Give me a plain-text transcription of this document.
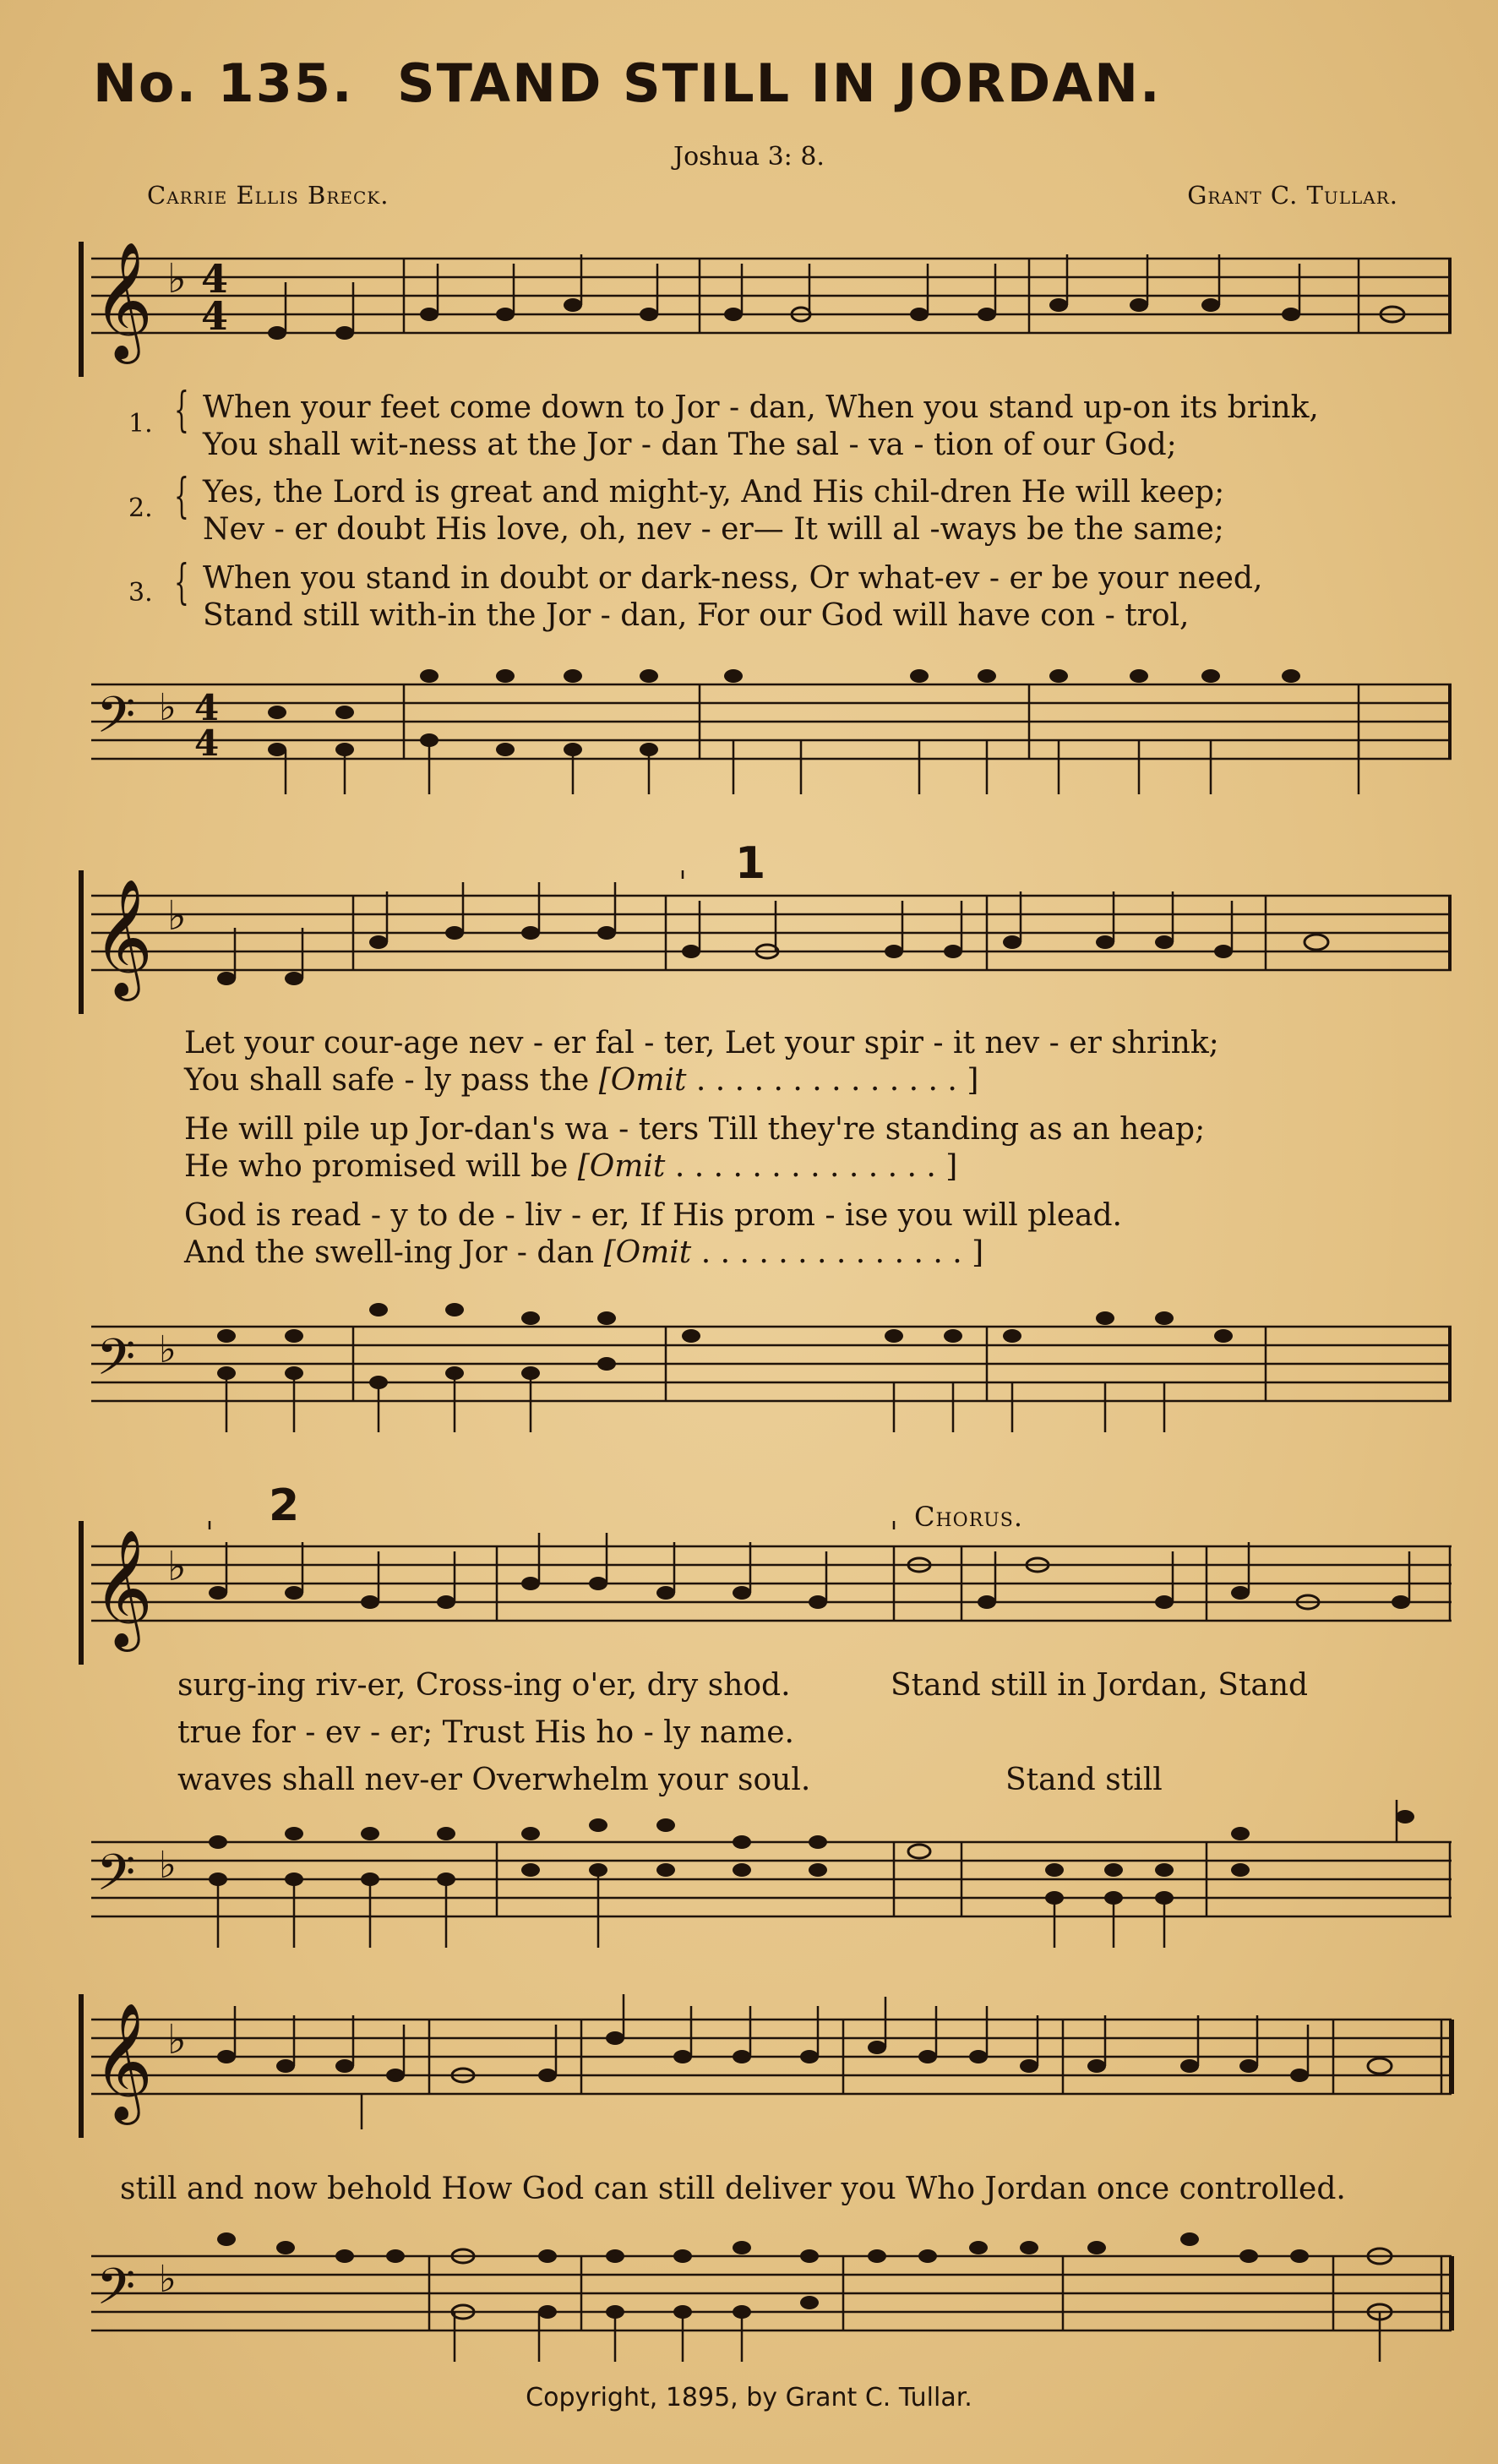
No. 135. STAND STILL IN JORDAN.
Joshua 3: 8.
Carrie Ellis Breck.	Grant C. Tullar.
𝄞 ♭ 4
4
1. { When your feet come down to Jor - dan, When you stand up-on its brink,
You shall wit-ness at the Jor - dan The sal - va - tion of our God;
2. { Yes, the Lord is great and might-y, And His chil-dren He will keep;
Nev - er doubt His love, oh, nev - er— It will al -ways be the same;
3. { When you stand in doubt or dark-ness, Or what-ev - er be your need,
Stand still with-in the Jor - dan, For our God will have con - trol,
𝄢 ♭ 4
4
1
𝄞 ♭
Let your cour-age nev - er fal - ter, Let your spir - it nev - er shrink;
You shall safe - ly pass the [Omit . . . . . . . . . . . . . . ]
He will pile up Jor-dan's wa - ters Till they're standing as an heap;
He who promised will be [Omit . . . . . . . . . . . . . . ]
God is read - y to de - liv - er, If His prom - ise you will plead.
And the swell-ing Jor - dan [Omit . . . . . . . . . . . . . . ]
𝄢 ♭
2	Chorus.
𝄞 ♭
surg-ing riv-er, Cross-ing o'er, dry shod.	Stand still in Jordan, Stand
true for - ev - er; Trust His ho - ly name.
waves shall nev-er Overwhelm your soul.	Stand still
𝄢 ♭
𝄞 ♭
still and now behold How God can still deliver you Who Jordan once controlled.
𝄢 ♭
Copyright, 1895, by Grant C. Tullar.
